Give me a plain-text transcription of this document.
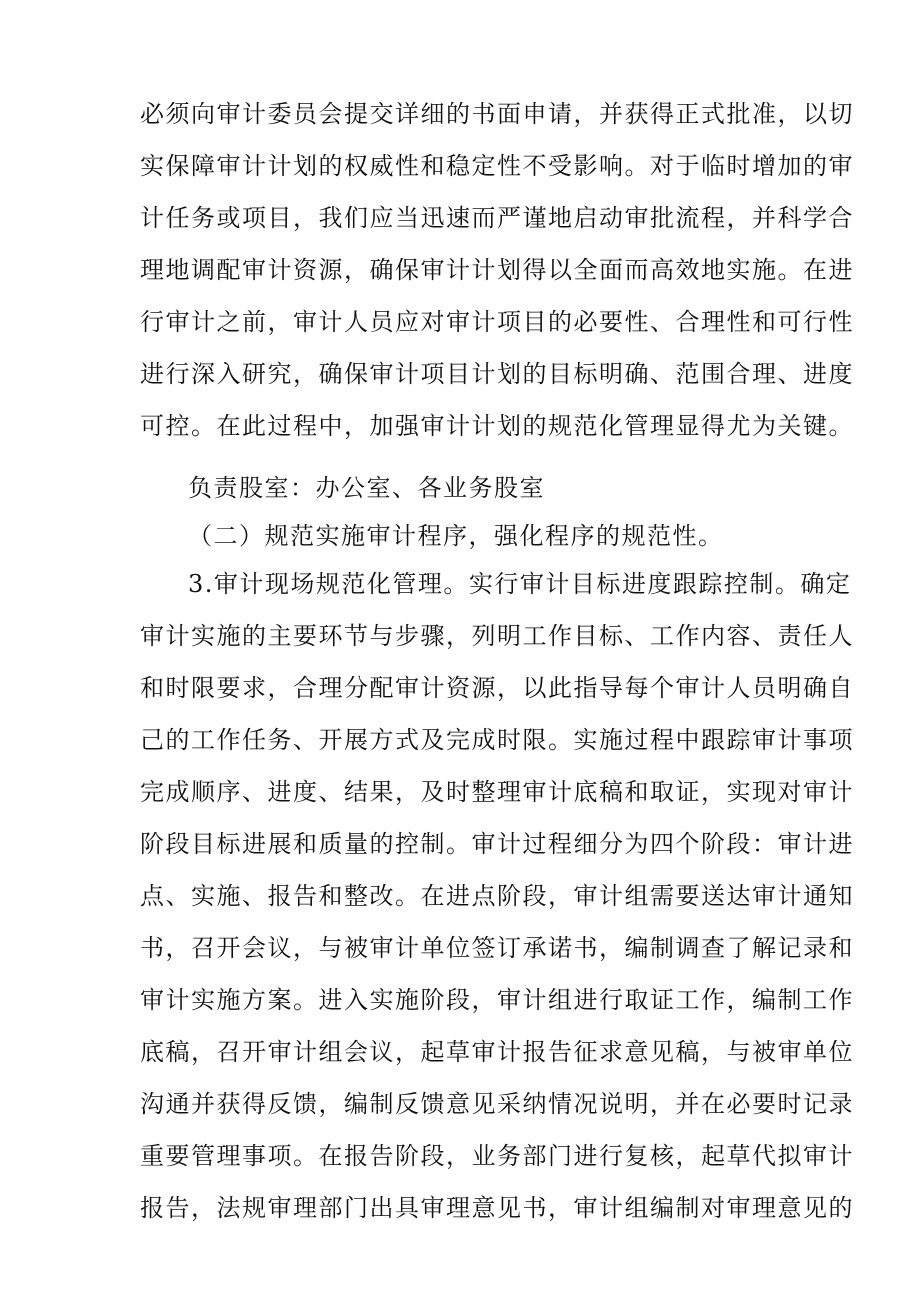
必须向审计委员会提交详细的书面申请，并获得正式批准，以切
实保障审计计划的权威性和稳定性不受影响。对于临时增加的审
计任务或项目，我们应当迅速而严谨地启动审批流程，并科学合
理地调配审计资源，确保审计计划得以全面而高效地实施。在进
行审计之前，审计人员应对审计项目的必要性、合理性和可行性
进行深入研究，确保审计项目计划的目标明确、范围合理、进度
可控。在此过程中，加强审计计划的规范化管理显得尤为关键。
负责股室：办公室、各业务股室
（二）规范实施审计程序，强化程序的规范性。
3.审计现场规范化管理。实行审计目标进度跟踪控制。确定
审计实施的主要环节与步骤，列明工作目标、工作内容、责任人
和时限要求，合理分配审计资源，以此指导每个审计人员明确自
己的工作任务、开展方式及完成时限。实施过程中跟踪审计事项
完成顺序、进度、结果，及时整理审计底稿和取证，实现对审计
阶段目标进展和质量的控制。审计过程细分为四个阶段：审计进
点、实施、报告和整改。在进点阶段，审计组需要送达审计通知
书，召开会议，与被审计单位签订承诺书，编制调查了解记录和
审计实施方案。进入实施阶段，审计组进行取证工作，编制工作
底稿，召开审计组会议，起草审计报告征求意见稿，与被审单位
沟通并获得反馈，编制反馈意见采纳情况说明，并在必要时记录
重要管理事项。在报告阶段，业务部门进行复核，起草代拟审计
报告，法规审理部门出具审理意见书，审计组编制对审理意见的
